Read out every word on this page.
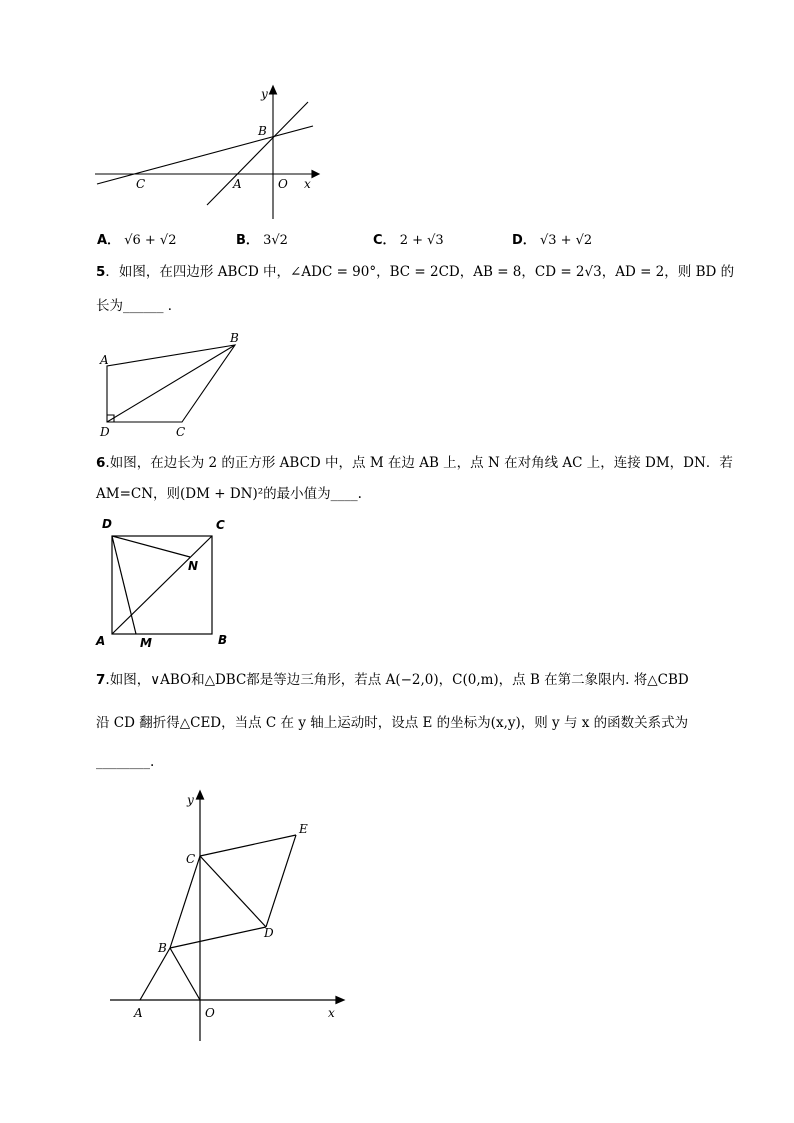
y
B
C	A	O x
A． √6 + √2	B． 3√2	C． 2 + √3	D． √3 + √2
5．如图，在四边形 ABCD 中，∠ADC = 90°，BC = 2CD，AB = 8，CD = 2√3，AD = 2，则 BD 的
长为______ ．
A
B
C
D
6.如图，在边长为 2 的正方形 ABCD 中，点 M 在边 AB 上，点 N 在对角线 AC 上，连接 DM，DN．若
AM=CN，则(DM + DN)²的最小值为____.
D	C
N
A	M	B
7.如图，∨ABO和△DBC都是等边三角形，若点 A(−2,0)，C(0,m)，点 B 在第二象限内. 将△CBD
沿 CD 翻折得△CED，当点 C 在 y 轴上运动时，设点 E 的坐标为(x,y)，则 y 与 x 的函数关系式为
________.
y
E
C
D
B
A	O	x
